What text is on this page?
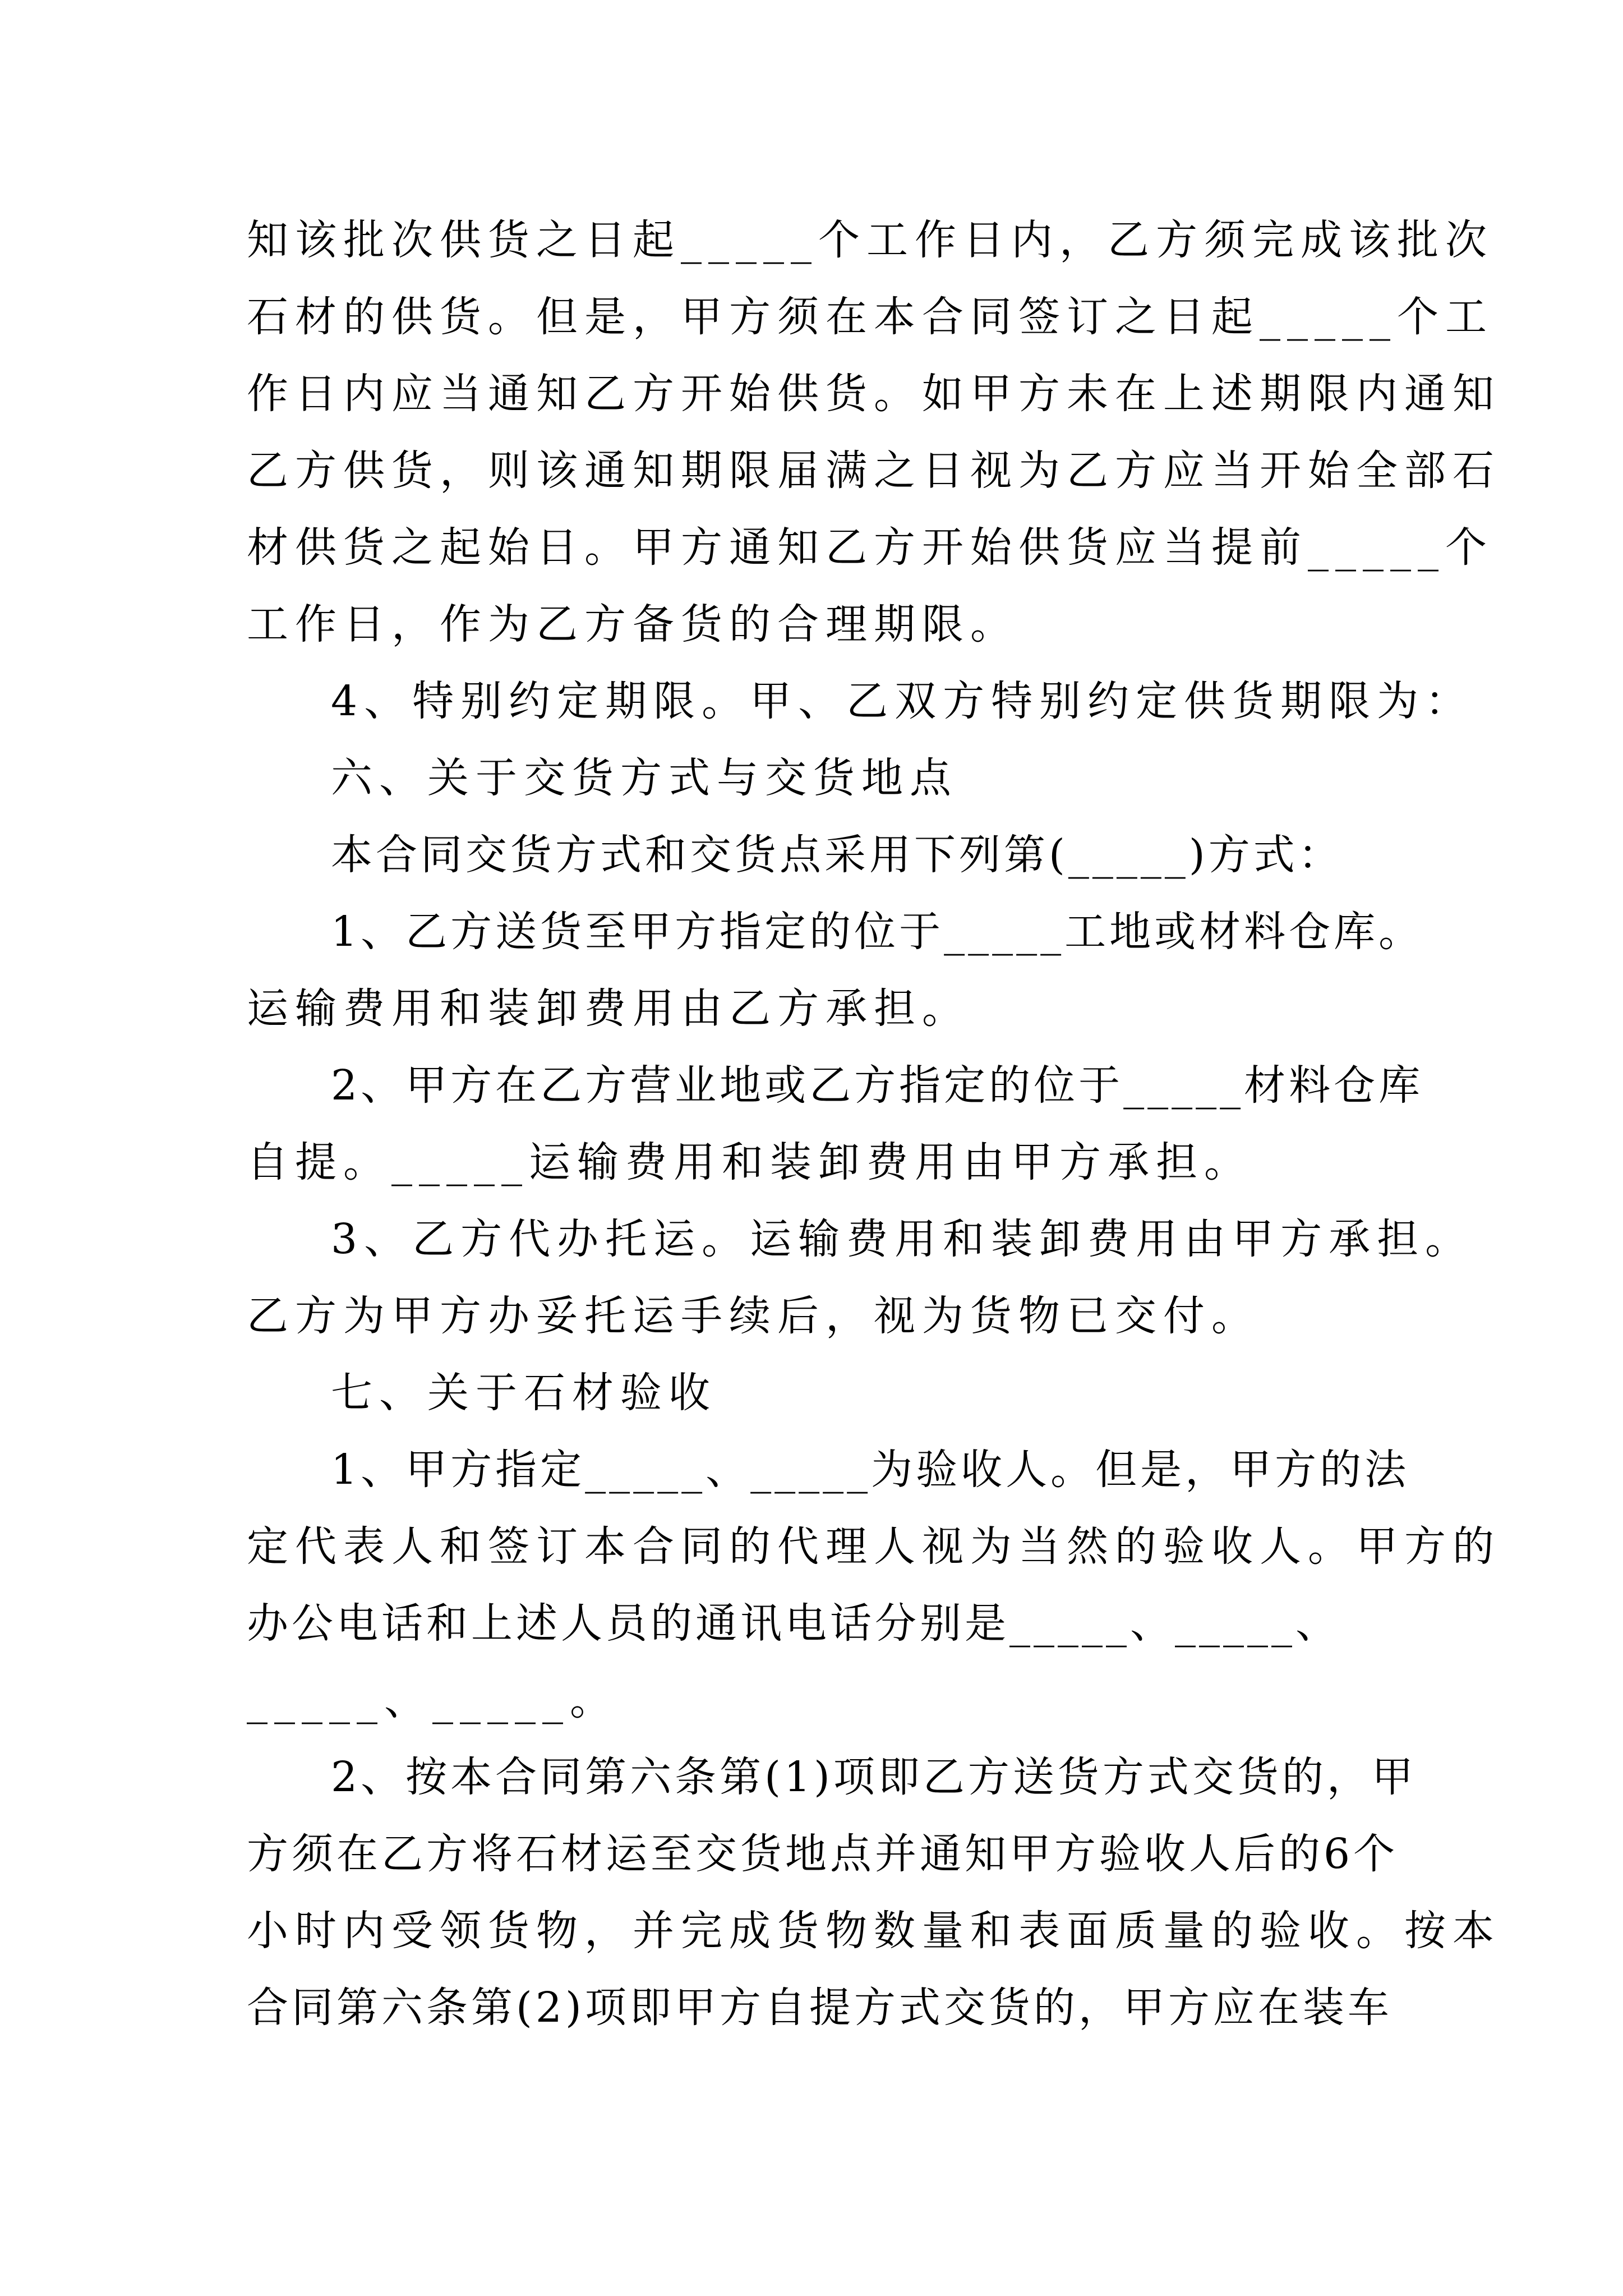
知该批次供货之日起_____个工作日内，乙方须完成该批次
石材的供货。但是，甲方须在本合同签订之日起_____个工
作日内应当通知乙方开始供货。如甲方未在上述期限内通知
乙方供货，则该通知期限届满之日视为乙方应当开始全部石
材供货之起始日。甲方通知乙方开始供货应当提前_____个
工作日，作为乙方备货的合理期限。
4、特别约定期限。甲、乙双方特别约定供货期限为：
六、关于交货方式与交货地点
本合同交货方式和交货点采用下列第(_____)方式：
1、乙方送货至甲方指定的位于_____工地或材料仓库。
运输费用和装卸费用由乙方承担。
2、甲方在乙方营业地或乙方指定的位于_____材料仓库
自提。_____运输费用和装卸费用由甲方承担。
3、乙方代办托运。运输费用和装卸费用由甲方承担。
乙方为甲方办妥托运手续后，视为货物已交付。
七、关于石材验收
1、甲方指定_____、_____为验收人。但是，甲方的法
定代表人和签订本合同的代理人视为当然的验收人。甲方的
办公电话和上述人员的通讯电话分别是_____、_____、
_____、_____。
2、按本合同第六条第(1)项即乙方送货方式交货的，甲
方须在乙方将石材运至交货地点并通知甲方验收人后的6个
小时内受领货物，并完成货物数量和表面质量的验收。按本
合同第六条第(2)项即甲方自提方式交货的，甲方应在装车
